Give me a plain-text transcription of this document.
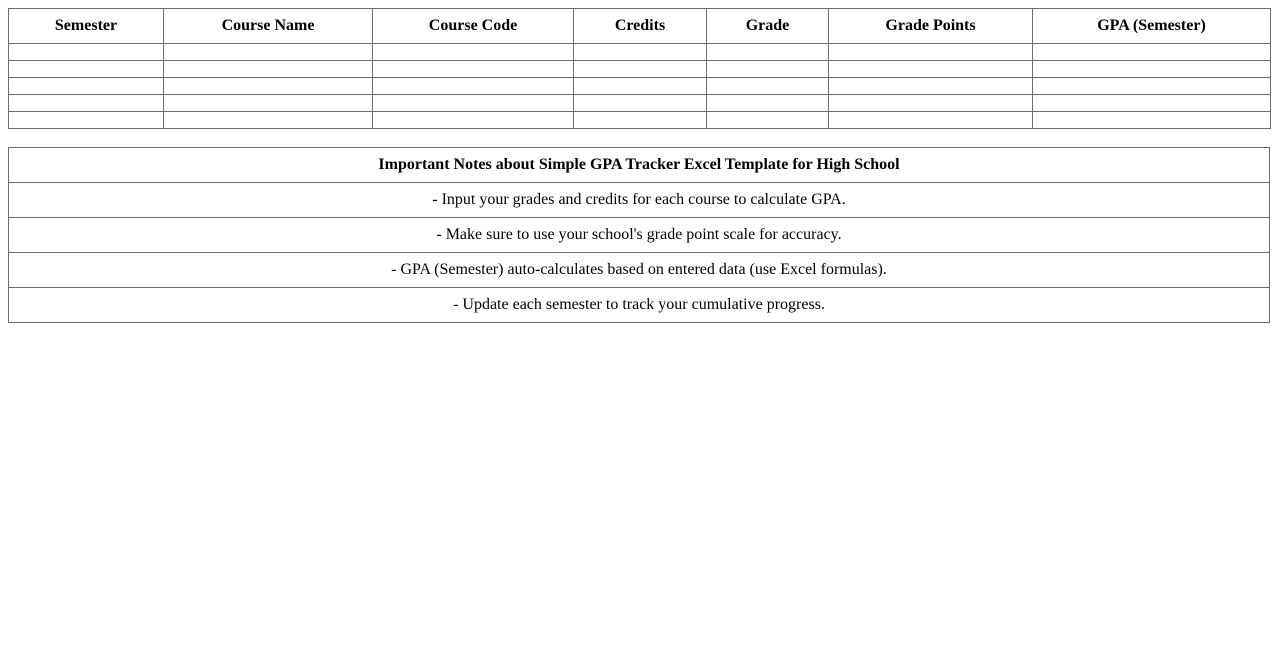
Semester	Course Name	Course Code	Credits	Grade	Grade Points	GPA (Semester)

Important Notes about Simple GPA Tracker Excel Template for High School
- Input your grades and credits for each course to calculate GPA.
- Make sure to use your school's grade point scale for accuracy.
- GPA (Semester) auto-calculates based on entered data (use Excel formulas).
- Update each semester to track your cumulative progress.
